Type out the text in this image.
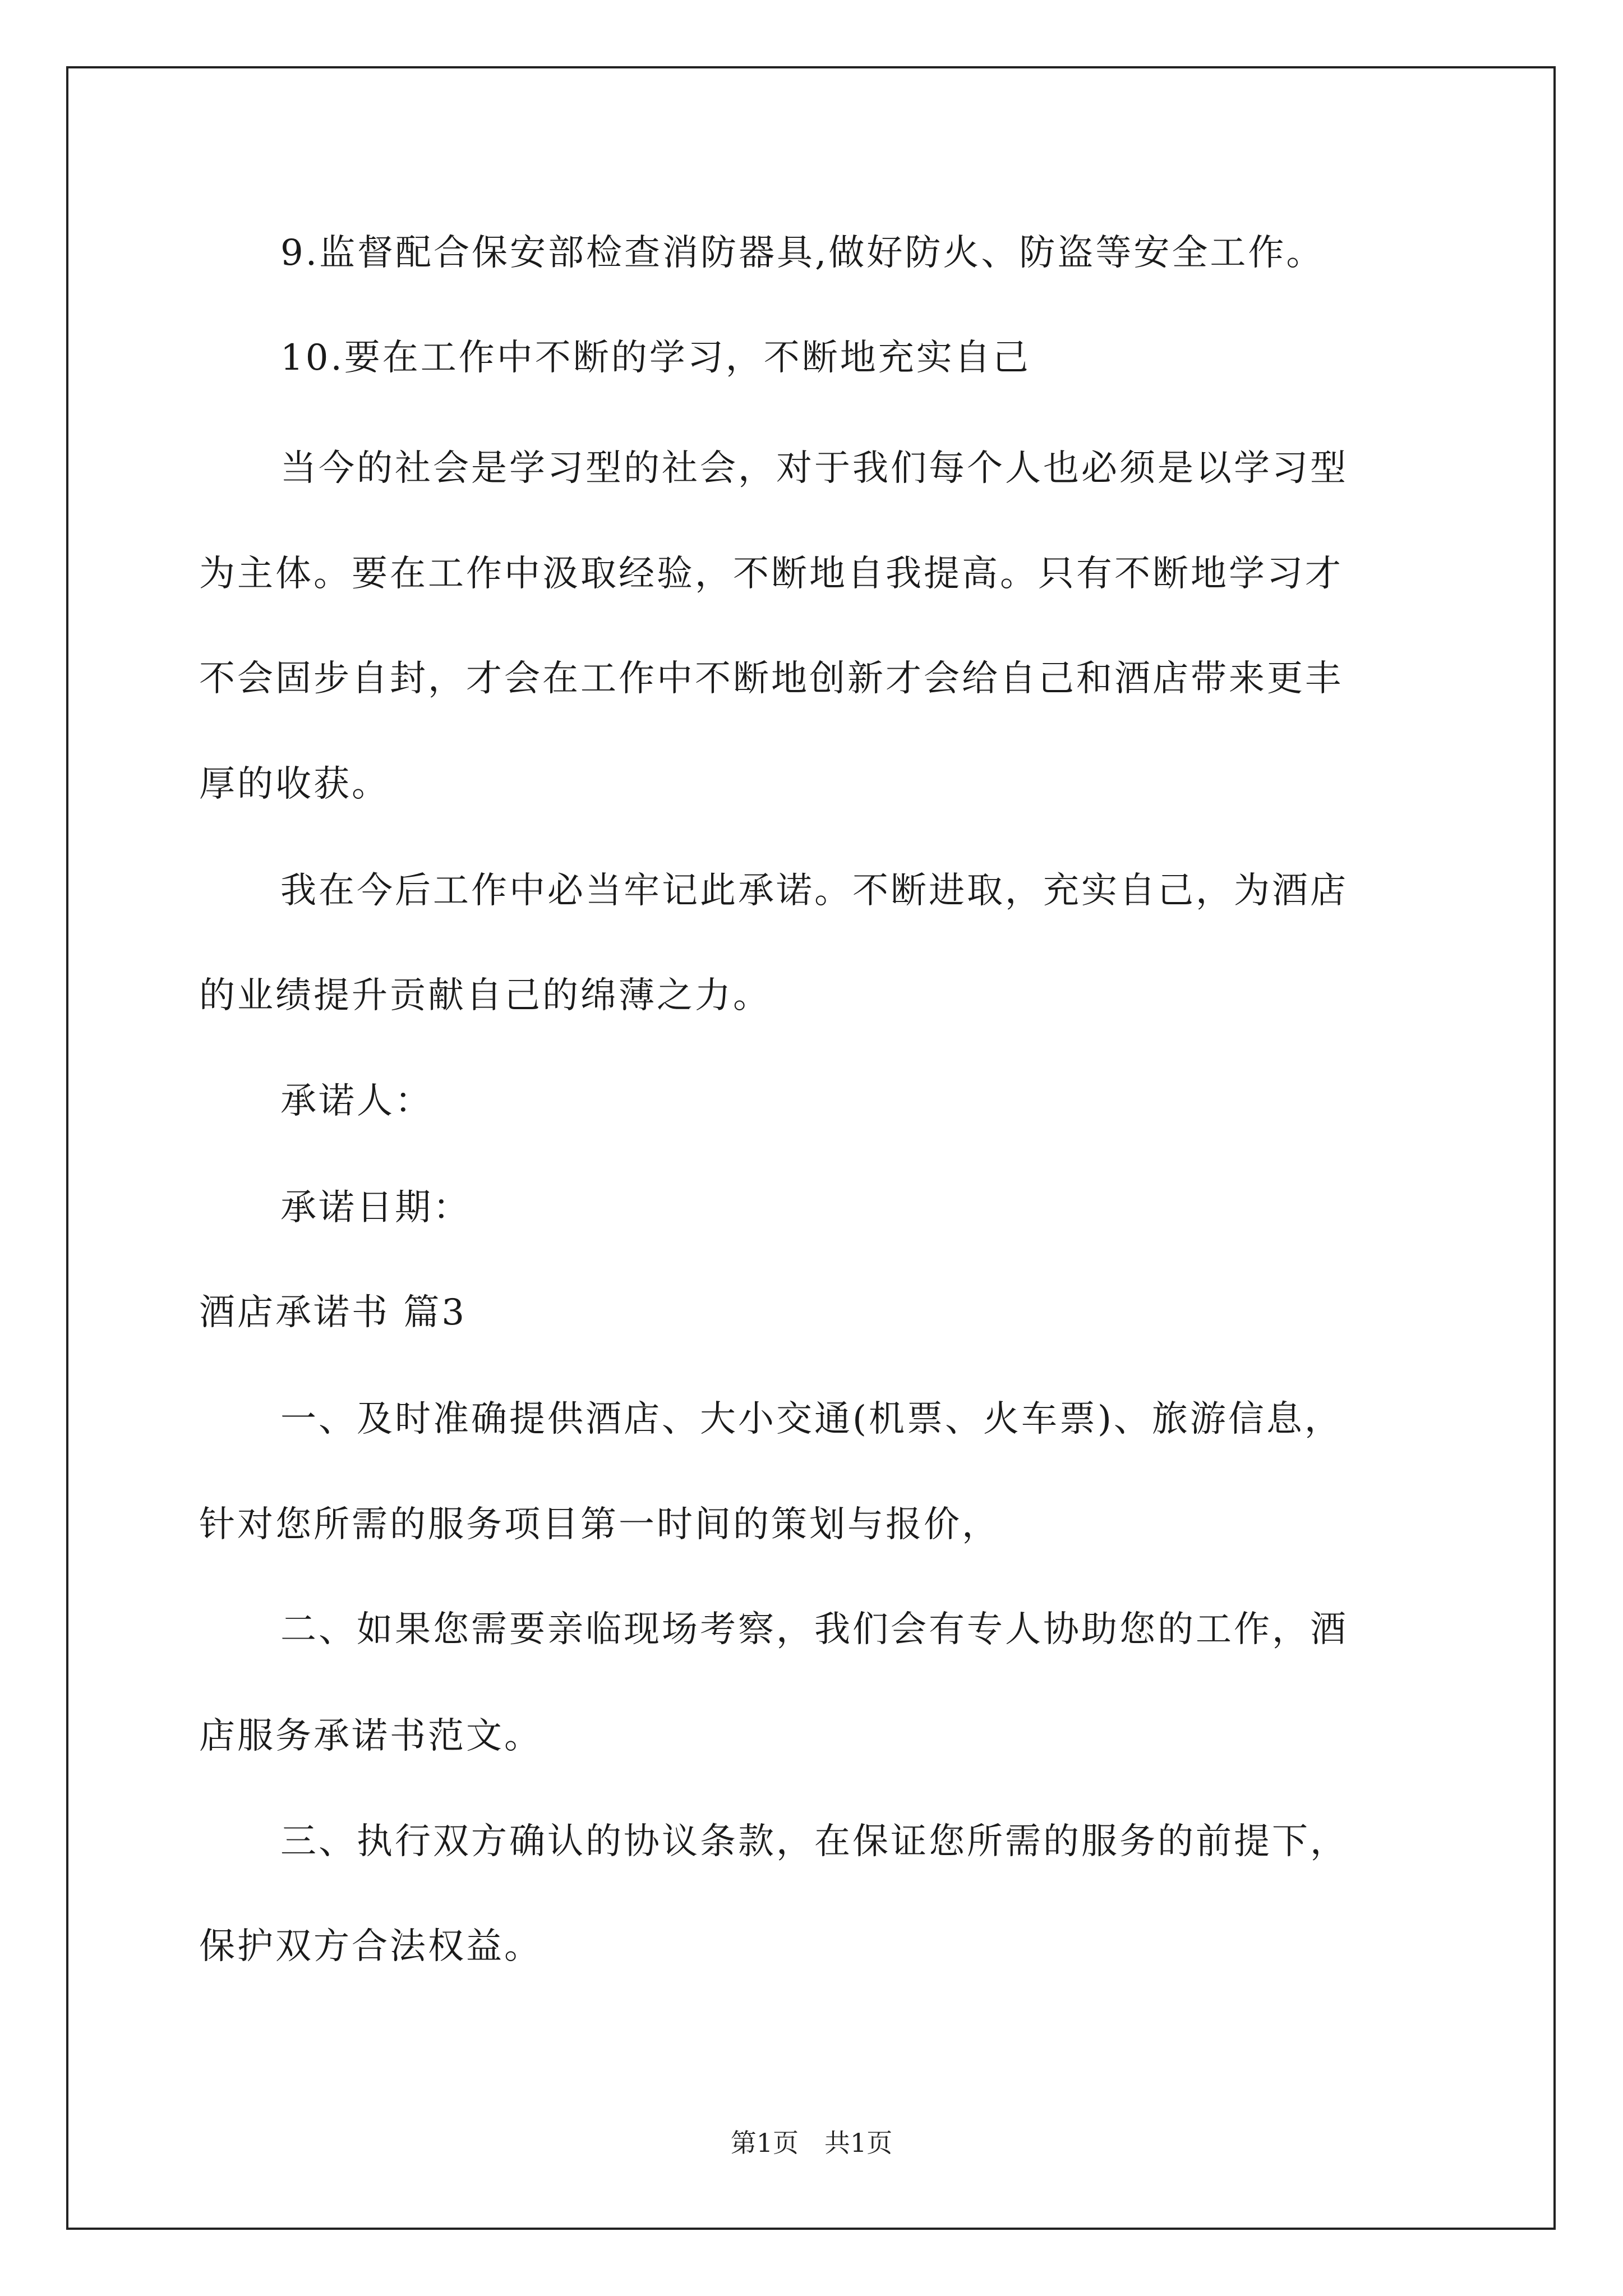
9.监督配合保安部检查消防器具,做好防火、防盗等安全工作。
10.要在工作中不断的学习，不断地充实自己
当今的社会是学习型的社会，对于我们每个人也必须是以学习型
为主体。要在工作中汲取经验，不断地自我提高。只有不断地学习才
不会固步自封，才会在工作中不断地创新才会给自己和酒店带来更丰
厚的收获。
我在今后工作中必当牢记此承诺。不断进取，充实自己，为酒店
的业绩提升贡献自己的绵薄之力。
承诺人：
承诺日期：
酒店承诺书 篇3
一、及时准确提供酒店、大小交通(机票、火车票)、旅游信息，
针对您所需的服务项目第一时间的策划与报价，
二、如果您需要亲临现场考察，我们会有专人协助您的工作，酒
店服务承诺书范文。
三、执行双方确认的协议条款，在保证您所需的服务的前提下，
保护双方合法权益。
第1页 共1页
